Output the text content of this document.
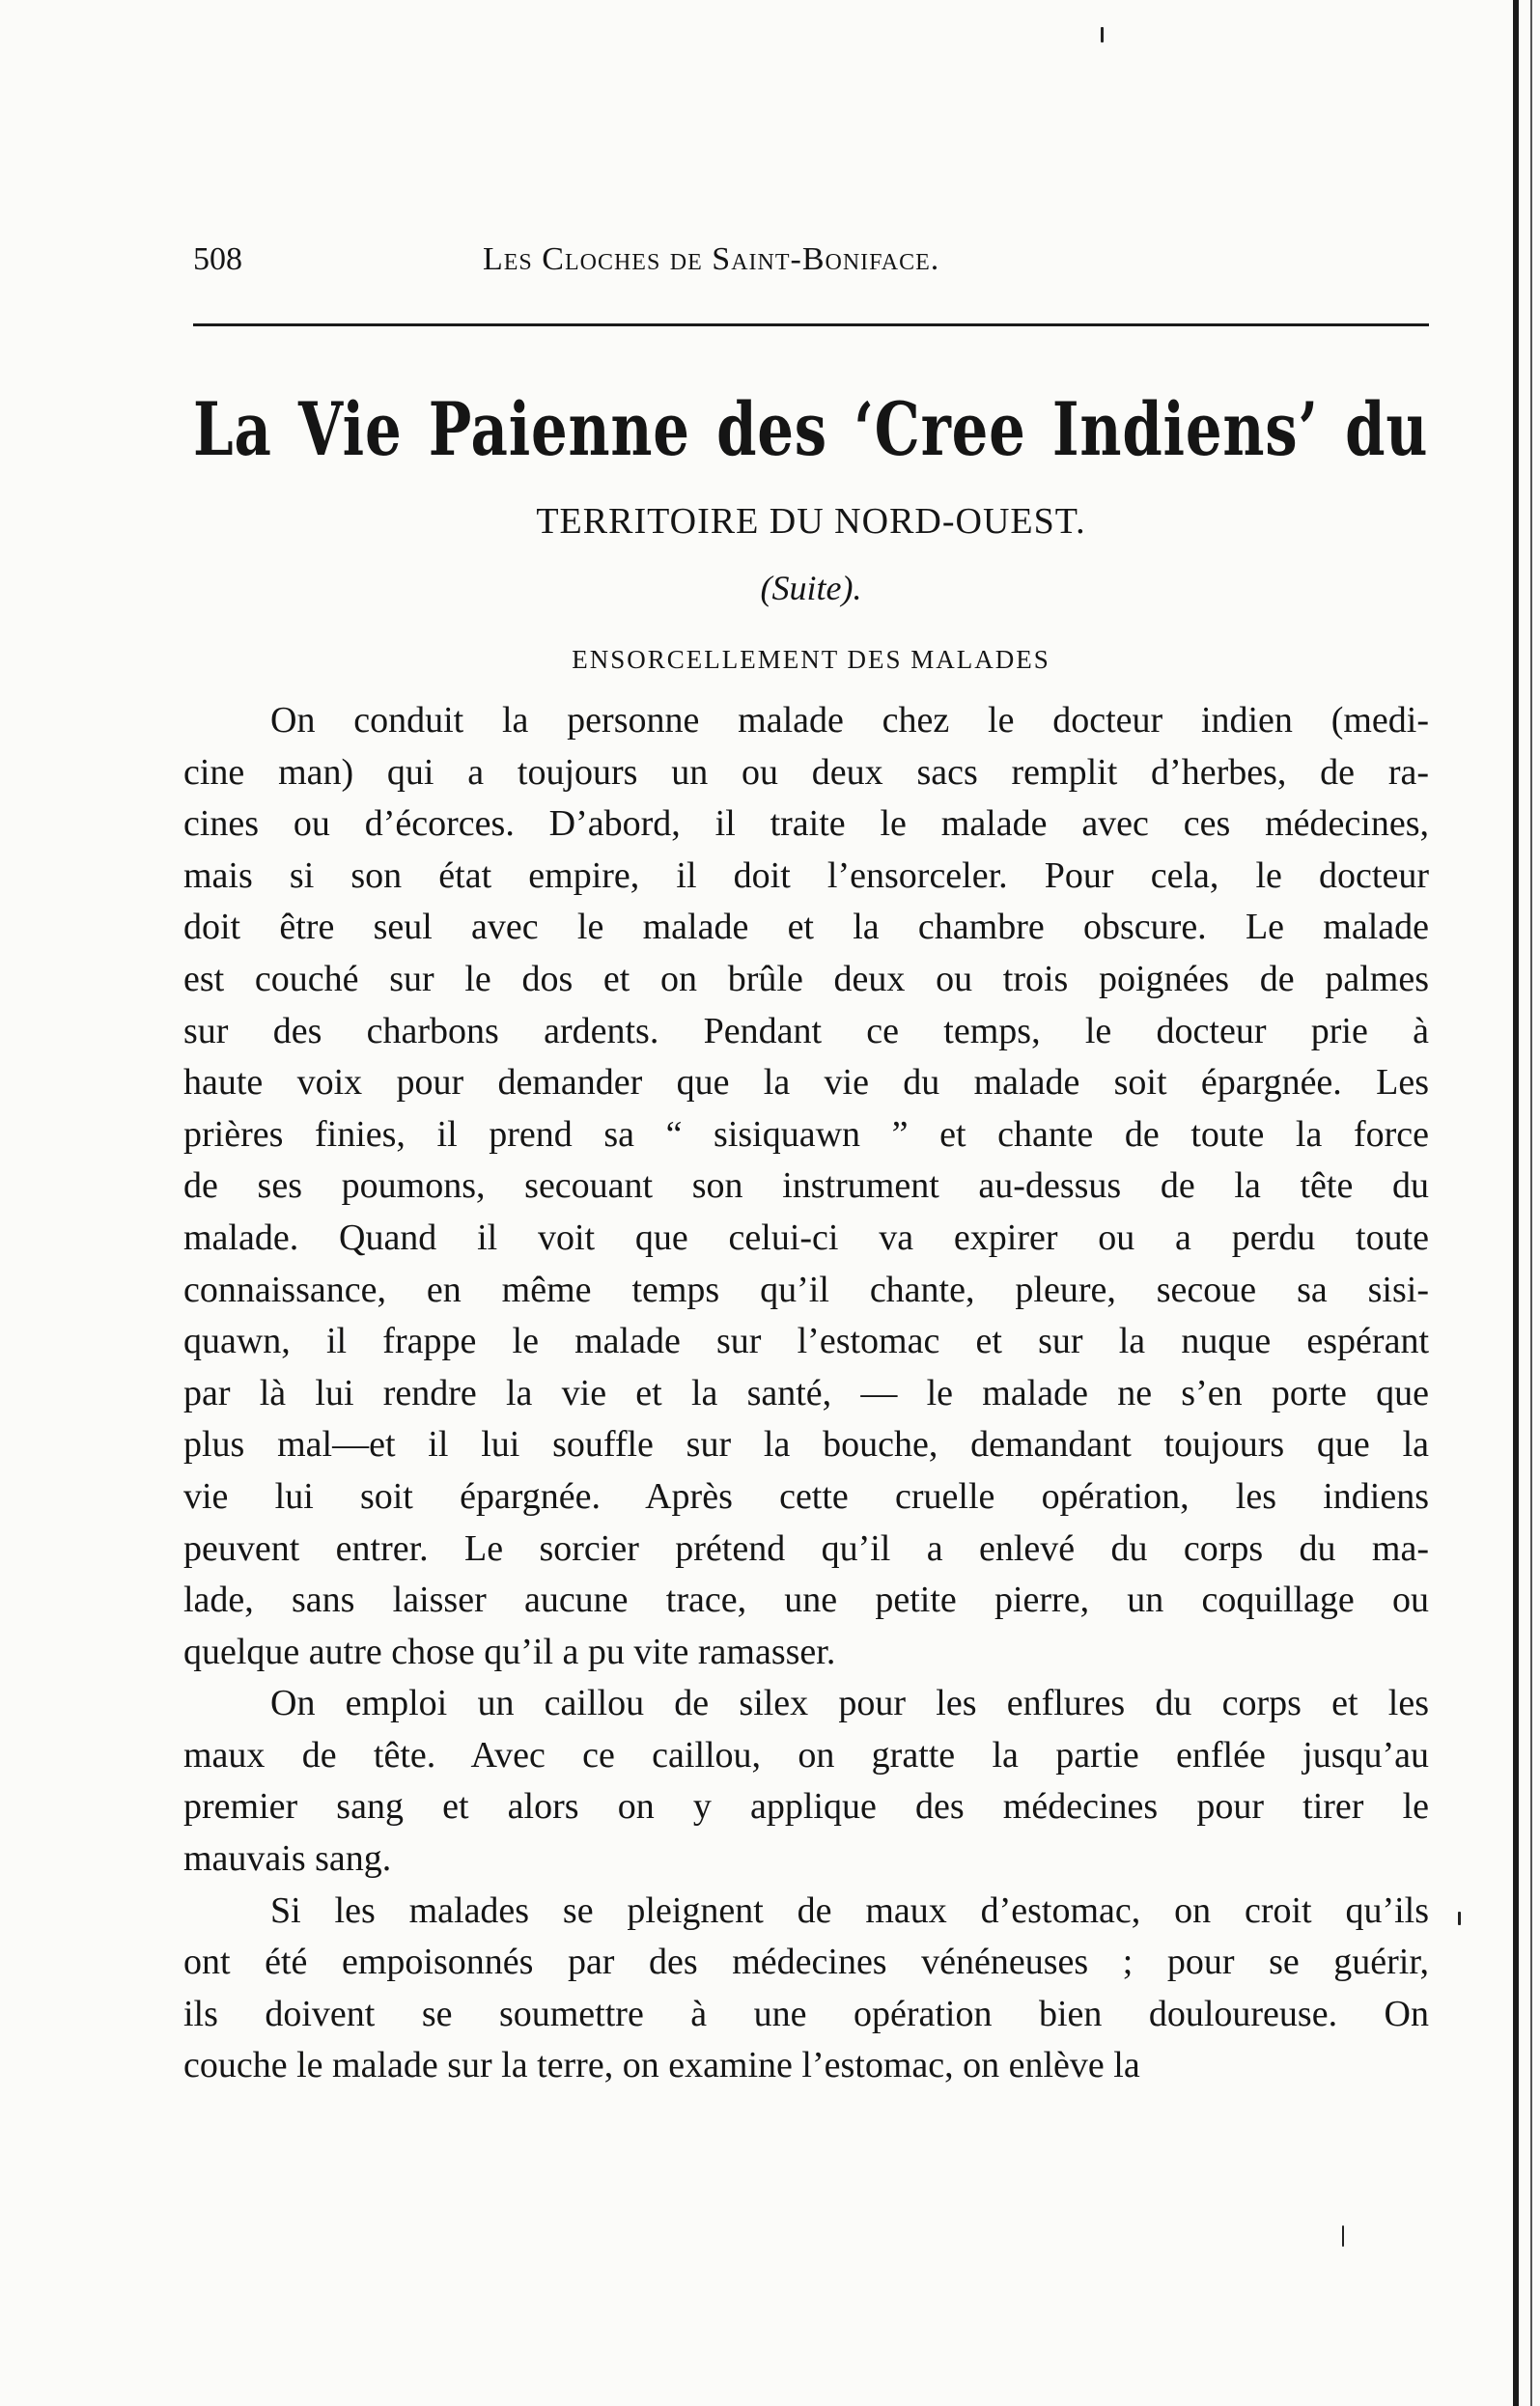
508	Les Cloches de Saint-Boniface.
La Vie Paienne des ‘Cree Indiens’ du
TERRITOIRE DU NORD-OUEST.
(Suite).
ENSORCELLEMENT DES MALADES
On conduit la personne malade chez le docteur indien (medi-
cine man) qui a toujours un ou deux sacs remplit d’herbes, de ra-
cines ou d’écorces. D’abord, il traite le malade avec ces médecines,
mais si son état empire, il doit l’ensorceler. Pour cela, le docteur
doit être seul avec le malade et la chambre obscure. Le malade
est couché sur le dos et on brûle deux ou trois poignées de palmes
sur des charbons ardents. Pendant ce temps, le docteur prie à
haute voix pour demander que la vie du malade soit épargnée. Les
prières finies, il prend sa “ sisiquawn ” et chante de toute la force
de ses poumons, secouant son instrument au-dessus de la tête du
malade. Quand il voit que celui-ci va expirer ou a perdu toute
connaissance, en même temps qu’il chante, pleure, secoue sa sisi-
quawn, il frappe le malade sur l’estomac et sur la nuque espérant
par là lui rendre la vie et la santé, — le malade ne s’en porte que
plus mal—et il lui souffle sur la bouche, demandant toujours que la
vie lui soit épargnée. Après cette cruelle opération, les indiens
peuvent entrer. Le sorcier prétend qu’il a enlevé du corps du ma-
lade, sans laisser aucune trace, une petite pierre, un coquillage ou
quelque autre chose qu’il a pu vite ramasser.
On emploi un caillou de silex pour les enflures du corps et les
maux de tête. Avec ce caillou, on gratte la partie enflée jusqu’au
premier sang et alors on y applique des médecines pour tirer le
mauvais sang.
Si les malades se pleignent de maux d’estomac, on croit qu’ils
ont été empoisonnés par des médecines vénéneuses ; pour se guérir,
ils doivent se soumettre à une opération bien douloureuse. On
couche le malade sur la terre, on examine l’estomac, on enlève la
